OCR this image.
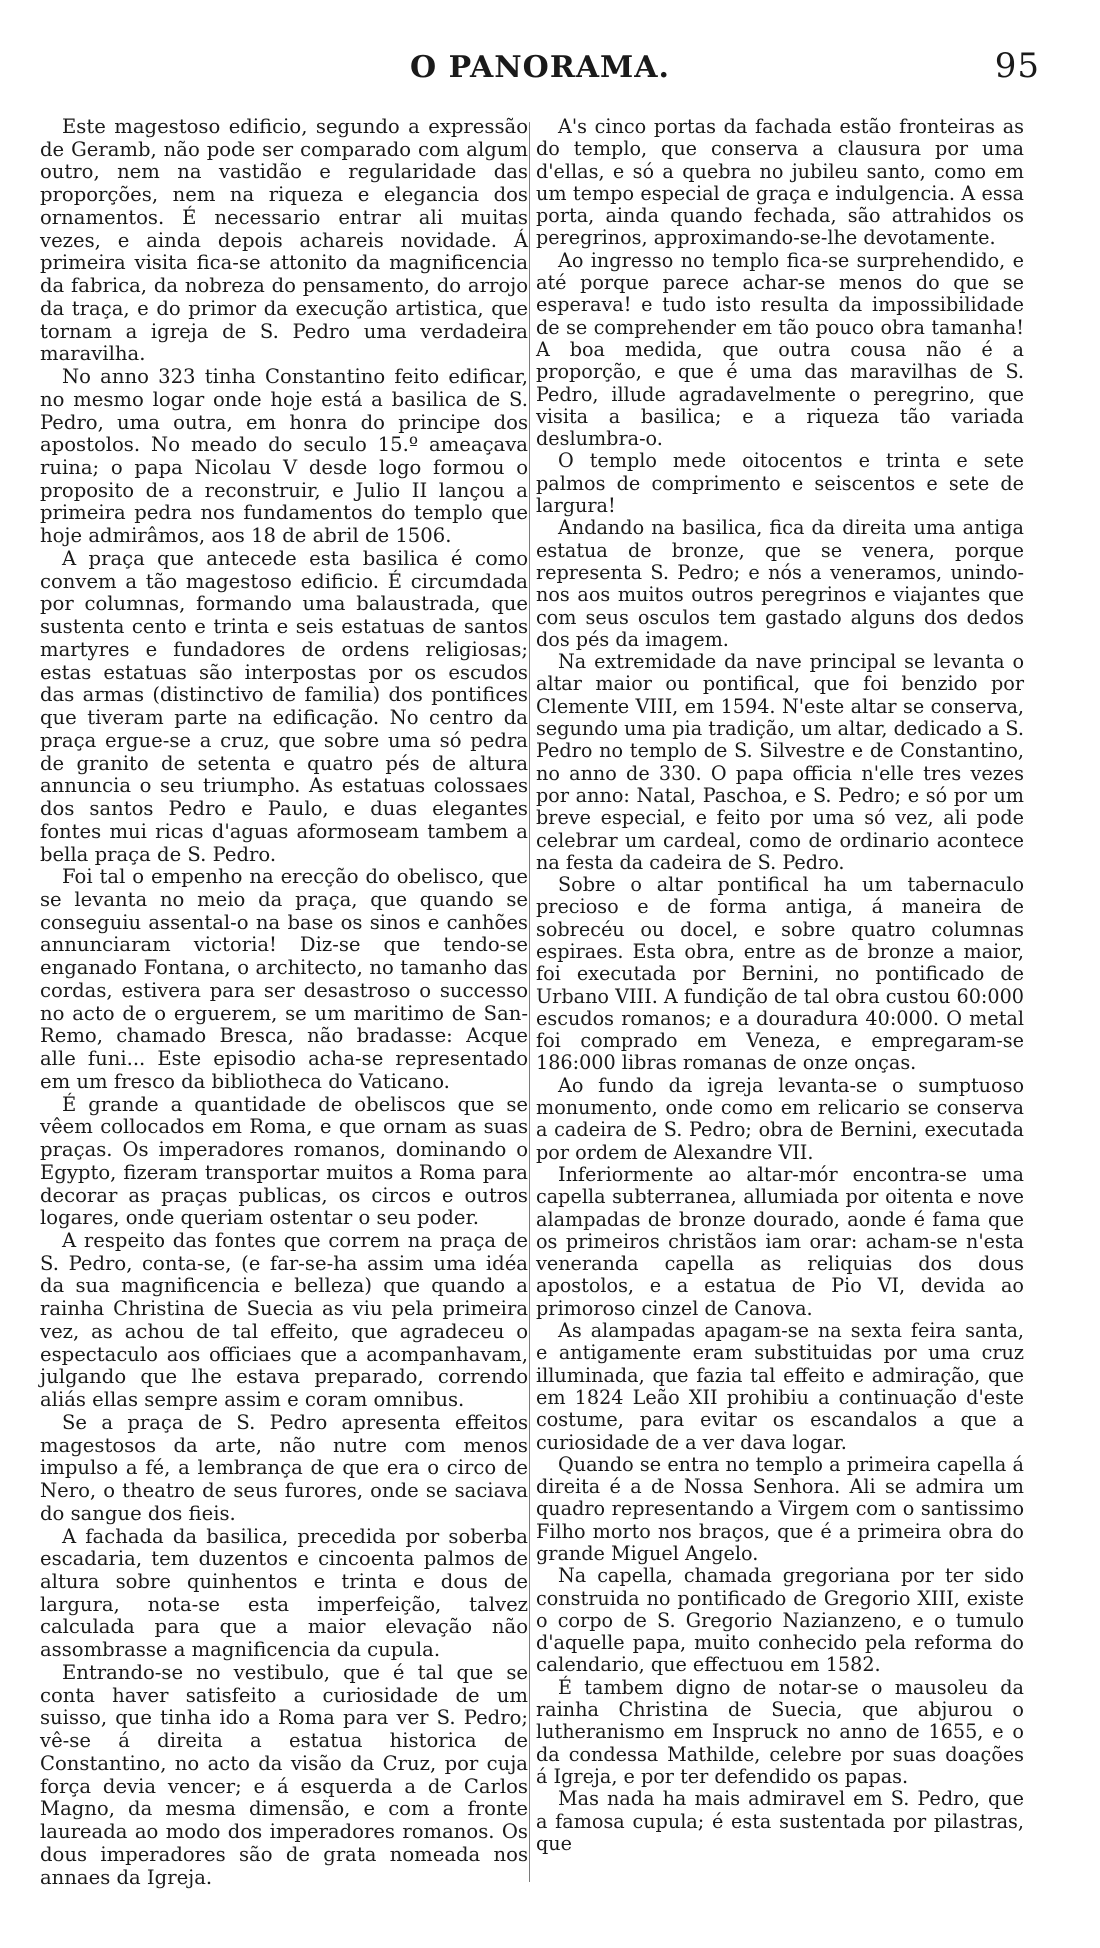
O PANORAMA.	95

Este magestoso edificio, segundo a expressão de Geramb, não pode ser comparado com algum outro, nem na vastidão e regularidade das proporções, nem na riqueza e elegancia dos ornamentos. É necessario entrar ali muitas vezes, e ainda depois achareis novidade. Á primeira visita fica-se attonito da magnificencia da fabrica, da nobreza do pensamento, do arrojo da traça, e do primor da execução artistica, que tornam a igreja de S. Pedro uma verdadeira maravilha.

No anno 323 tinha Constantino feito edificar, no mesmo logar onde hoje está a basilica de S. Pedro, uma outra, em honra do principe dos apostolos. No meado do seculo 15.º ameaçava ruina; o papa Nicolau V desde logo formou o proposito de a reconstruir, e Julio II lançou a primeira pedra nos fundamentos do templo que hoje admirâmos, aos 18 de abril de 1506.

A praça que antecede esta basilica é como convem a tão magestoso edificio. É circumdada por columnas, formando uma balaustrada, que sustenta cento e trinta e seis estatuas de santos martyres e fundadores de ordens religiosas; estas estatuas são interpostas por os escudos das armas (distinctivo de familia) dos pontifices que tiveram parte na edificação. No centro da praça ergue-se a cruz, que sobre uma só pedra de granito de setenta e quatro pés de altura annuncia o seu triumpho. As estatuas colossaes dos santos Pedro e Paulo, e duas elegantes fontes mui ricas d'aguas aformoseam tambem a bella praça de S. Pedro.

Foi tal o empenho na erecção do obelisco, que se levanta no meio da praça, que quando se conseguiu assental-o na base os sinos e canhões annunciaram victoria! Diz-se que tendo-se enganado Fontana, o architecto, no tamanho das cordas, estivera para ser desastroso o successo no acto de o erguerem, se um maritimo de San-Remo, chamado Bresca, não bradasse: Acque alle funi... Este episodio acha-se representado em um fresco da bibliotheca do Vaticano.

É grande a quantidade de obeliscos que se vêem collocados em Roma, e que ornam as suas praças. Os imperadores romanos, dominando o Egypto, fizeram transportar muitos a Roma para decorar as praças publicas, os circos e outros logares, onde queriam ostentar o seu poder.

A respeito das fontes que correm na praça de S. Pedro, conta-se, (e far-se-ha assim uma idéa da sua magnificencia e belleza) que quando a rainha Christina de Suecia as viu pela primeira vez, as achou de tal effeito, que agradeceu o espectaculo aos officiaes que a acompanhavam, julgando que lhe estava preparado, correndo aliás ellas sempre assim e coram omnibus.

Se a praça de S. Pedro apresenta effeitos magestosos da arte, não nutre com menos impulso a fé, a lembrança de que era o circo de Nero, o theatro de seus furores, onde se saciava do sangue dos fieis.

A fachada da basilica, precedida por soberba escadaria, tem duzentos e cincoenta palmos de altura sobre quinhentos e trinta e dous de largura, nota-se esta imperfeição, talvez calculada para que a maior elevação não assombrasse a magnificencia da cupula.

Entrando-se no vestibulo, que é tal que se conta haver satisfeito a curiosidade de um suisso, que tinha ido a Roma para ver S. Pedro; vê-se á direita a estatua historica de Constantino, no acto da visão da Cruz, por cuja força devia vencer; e á esquerda a de Carlos Magno, da mesma dimensão, e com a fronte laureada ao modo dos imperadores romanos. Os dous imperadores são de grata nomeada nos annaes da Igreja.

A's cinco portas da fachada estão fronteiras as do templo, que conserva a clausura por uma d'ellas, e só a quebra no jubileu santo, como em um tempo especial de graça e indulgencia. A essa porta, ainda quando fechada, são attrahidos os peregrinos, approximando-se-lhe devotamente.

Ao ingresso no templo fica-se surprehendido, e até porque parece achar-se menos do que se esperava! e tudo isto resulta da impossibilidade de se comprehender em tão pouco obra tamanha! A boa medida, que outra cousa não é a proporção, e que é uma das maravilhas de S. Pedro, illude agradavelmente o peregrino, que visita a basilica; e a riqueza tão variada deslumbra-o.

O templo mede oitocentos e trinta e sete palmos de comprimento e seiscentos e sete de largura!

Andando na basilica, fica da direita uma antiga estatua de bronze, que se venera, porque representa S. Pedro; e nós a veneramos, unindo-nos aos muitos outros peregrinos e viajantes que com seus osculos tem gastado alguns dos dedos dos pés da imagem.

Na extremidade da nave principal se levanta o altar maior ou pontifical, que foi benzido por Clemente VIII, em 1594. N'este altar se conserva, segundo uma pia tradição, um altar, dedicado a S. Pedro no templo de S. Silvestre e de Constantino, no anno de 330. O papa officia n'elle tres vezes por anno: Natal, Paschoa, e S. Pedro; e só por um breve especial, e feito por uma só vez, ali pode celebrar um cardeal, como de ordinario acontece na festa da cadeira de S. Pedro.

Sobre o altar pontifical ha um tabernaculo precioso e de forma antiga, á maneira de sobrecéu ou docel, e sobre quatro columnas espiraes. Esta obra, entre as de bronze a maior, foi executada por Bernini, no pontificado de Urbano VIII. A fundição de tal obra custou 60:000 escudos romanos; e a douradura 40:000. O metal foi comprado em Veneza, e empregaram-se 186:000 libras romanas de onze onças.

Ao fundo da igreja levanta-se o sumptuoso monumento, onde como em relicario se conserva a cadeira de S. Pedro; obra de Bernini, executada por ordem de Alexandre VII.

Inferiormente ao altar-mór encontra-se uma capella subterranea, allumiada por oitenta e nove alampadas de bronze dourado, aonde é fama que os primeiros christãos iam orar: acham-se n'esta veneranda capella as reliquias dos dous apostolos, e a estatua de Pio VI, devida ao primoroso cinzel de Canova.

As alampadas apagam-se na sexta feira santa, e antigamente eram substituidas por uma cruz illuminada, que fazia tal effeito e admiração, que em 1824 Leão XII prohibiu a continuação d'este costume, para evitar os escandalos a que a curiosidade de a ver dava logar.

Quando se entra no templo a primeira capella á direita é a de Nossa Senhora. Ali se admira um quadro representando a Virgem com o santissimo Filho morto nos braços, que é a primeira obra do grande Miguel Angelo.

Na capella, chamada gregoriana por ter sido construida no pontificado de Gregorio XIII, existe o corpo de S. Gregorio Nazianzeno, e o tumulo d'aquelle papa, muito conhecido pela reforma do calendario, que effectuou em 1582.

É tambem digno de notar-se o mausoleu da rainha Christina de Suecia, que abjurou o lutheranismo em Inspruck no anno de 1655, e o da condessa Mathilde, celebre por suas doações á Igreja, e por ter defendido os papas.

Mas nada ha mais admiravel em S. Pedro, que a famosa cupula; é esta sustentada por pilastras, que
